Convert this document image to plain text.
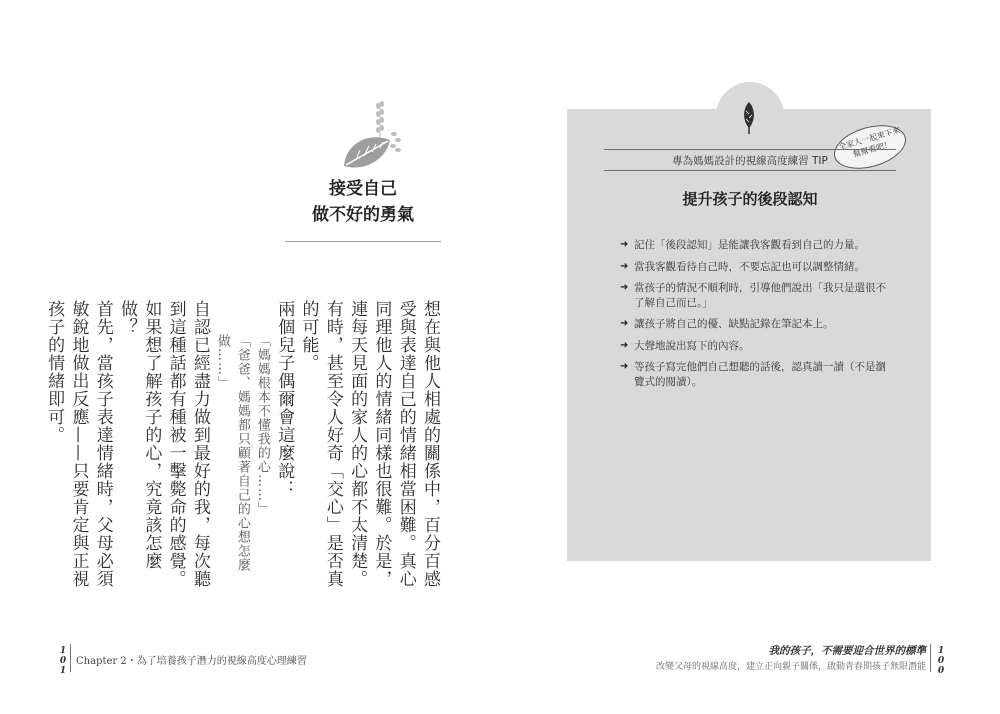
接受自己
做不好的勇氣

想在與他人相處的關係中，百分百感受與表達自己的情緒相當困難。真心同理他人的情緒同樣也很難。於是，連每天見面的家人的心都不太清楚。有時，甚至令人好奇「交心」是否真的可能。

兩個兒子偶爾會這麼說：

「媽媽根本不懂我的心……」

「爸爸、媽媽都只顧著自己的心想怎麼做……」

自認已經盡力做到最好的我，每次聽到這種話都有種被一擊斃命的感覺。如果想了解孩子的心，究竟該怎麼做？

首先，當孩子表達情緒時，父母必須敏銳地做出反應——只要肯定與正視孩子的情緒即可。

全家人一起來下來幫幫看吧！
專為媽媽設計的視線高度練習 TIP
提升孩子的後段認知
➜ 記住「後段認知」是能讓我客觀看到自己的力量。
➜ 當我客觀看待自己時，不要忘記也可以調整情緒。
➜ 當孩子的情況不順利時，引導他們說出「我只是還很不了解自己而已。」
➜ 讓孩子將自己的優、缺點記錄在筆記本上。
➜ 大聲地說出寫下的內容。
➜ 等孩子寫完他們自己想聽的話後，認真讀一讀（不是瀏覽式的閱讀）。
1
0
1
Chapter 2・為了培養孩子潛力的視線高度心理練習
我的孩子，不需要迎合世界的標準
改變父母的視線高度，建立正向親子關係，啟動青春期孩子無限潛能
1
0
0
